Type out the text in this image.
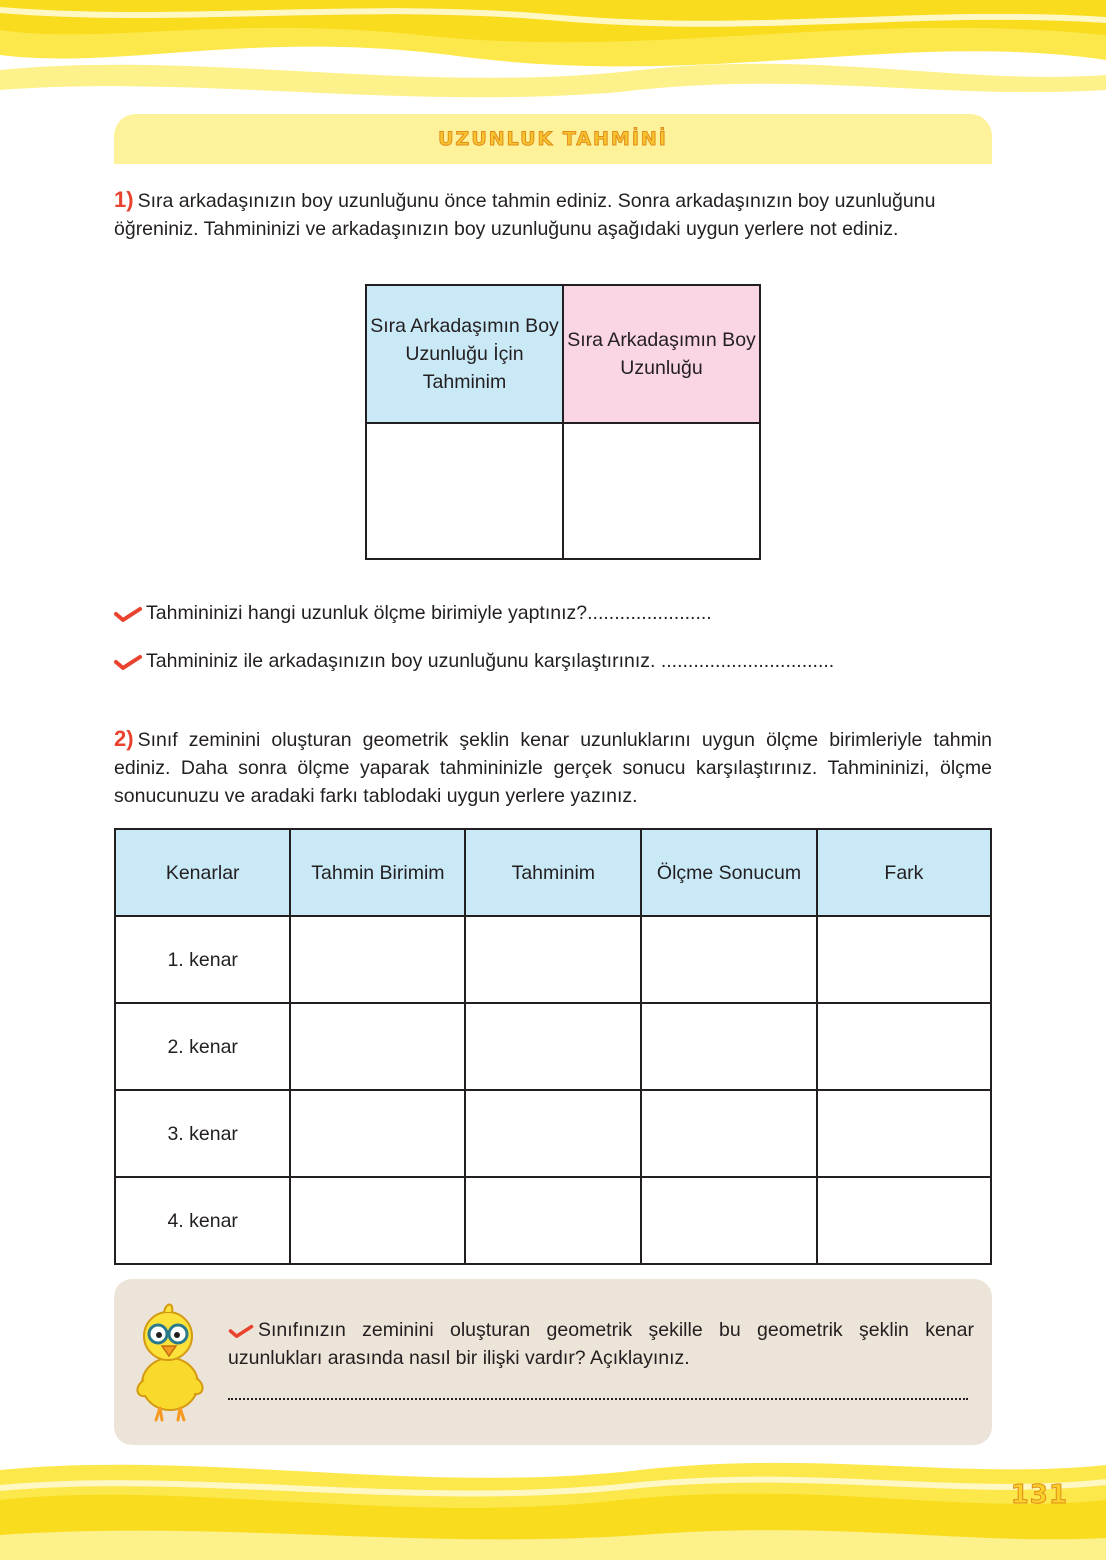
UZUNLUK TAHMİNİ
1) Sıra arkadaşınızın boy uzunluğunu önce tahmin ediniz. Sonra arkadaşınızın boy uzunluğunu öğreniniz. Tahmininizi ve arkadaşınızın boy uzunluğunu aşağıdaki uygun yerlere not ediniz.
Sıra Arkadaşımın Boy Uzunluğu İçin Tahminim	Sıra Arkadaşımın Boy Uzunluğu

Tahmininizi hangi uzunluk ölçme birimiyle yaptınız?.......................
Tahmininiz ile arkadaşınızın boy uzunluğunu karşılaştırınız. ................................
2) Sınıf zeminini oluşturan geometrik şeklin kenar uzunluklarını uygun ölçme birimleriyle tahmin ediniz. Daha sonra ölçme yaparak tahmininizle gerçek sonucu karşılaştırınız. Tahmininizi, ölçme sonucunuzu ve aradaki farkı tablodaki uygun yerlere yazınız.
Kenarlar	Tahmin Birimim	Tahminim	Ölçme Sonucum	Fark
1. kenar				
2. kenar				
3. kenar				
4. kenar				
Sınıfınızın zeminini oluşturan geometrik şekille bu geometrik şeklin kenar uzunlukları arasında nasıl bir ilişki vardır? Açıklayınız.
131
